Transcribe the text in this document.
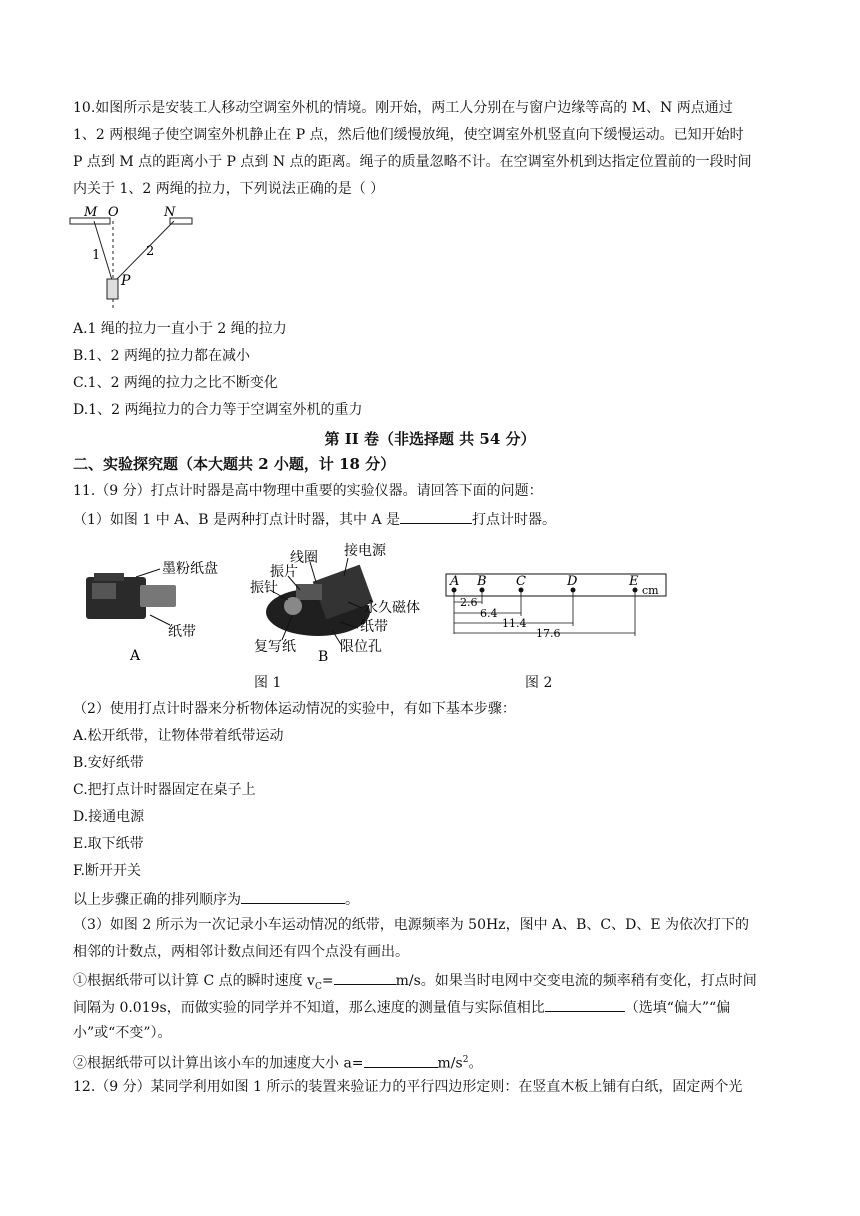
10.如图所示是安装工人移动空调室外机的情境。刚开始，两工人分别在与窗户边缘等高的 M、N 两点通过
1、2 两根绳子使空调室外机静止在 P 点，然后他们缓慢放绳，使空调室外机竖直向下缓慢运动。已知开始时
P 点到 M 点的距离小于 P 点到 N 点的距离。绳子的质量忽略不计。在空调室外机到达指定位置前的一段时间
内关于 1、2 两绳的拉力，下列说法正确的是（ ）
M O	N
1	2
P
A.1 绳的拉力一直小于 2 绳的拉力
B.1、2 两绳的拉力都在减小
C.1、2 两绳的拉力之比不断变化
D.1、2 两绳拉力的合力等于空调室外机的重力
第 II 卷（非选择题 共 54 分）
二、实验探究题（本大题共 2 小题，计 18 分）
11.（9 分）打点计时器是高中物理中重要的实验仪器。请回答下面的问题：
（1）如图 1 中 A、B 是两种打点计时器，其中 A 是	打点计时器。
墨粉纸盘
纸带
A
线圈 接电源
振片
振针
永久磁体
纸带
复写纸	限位孔
B
A B C	D	E
cm
2.6
6.4
11.4
17.6
图 1	图 2
（2）使用打点计时器来分析物体运动情况的实验中，有如下基本步骤：
A.松开纸带，让物体带着纸带运动
B.安好纸带
C.把打点计时器固定在桌子上
D.接通电源
E.取下纸带
F.断开开关
以上步骤正确的排列顺序为	。
（3）如图 2 所示为一次记录小车运动情况的纸带，电源频率为 50Hz，图中 A、B、C、D、E 为依次打下的
相邻的计数点，两相邻计数点间还有四个点没有画出。
①根据纸带可以计算 C 点的瞬时速度 $v_C=$	m/s。如果当时电网中交变电流的频率稍有变化，打点时间
间隔为 0.019s，而做实验的同学并不知道，那么速度的测量值与实际值相比	（选填“偏大”“偏
小”或“不变”）。
②根据纸带可以计算出该小车的加速度大小 a=	$m/s^2$。
12.（9 分）某同学利用如图 1 所示的装置来验证力的平行四边形定则：在竖直木板上铺有白纸，固定两个光
